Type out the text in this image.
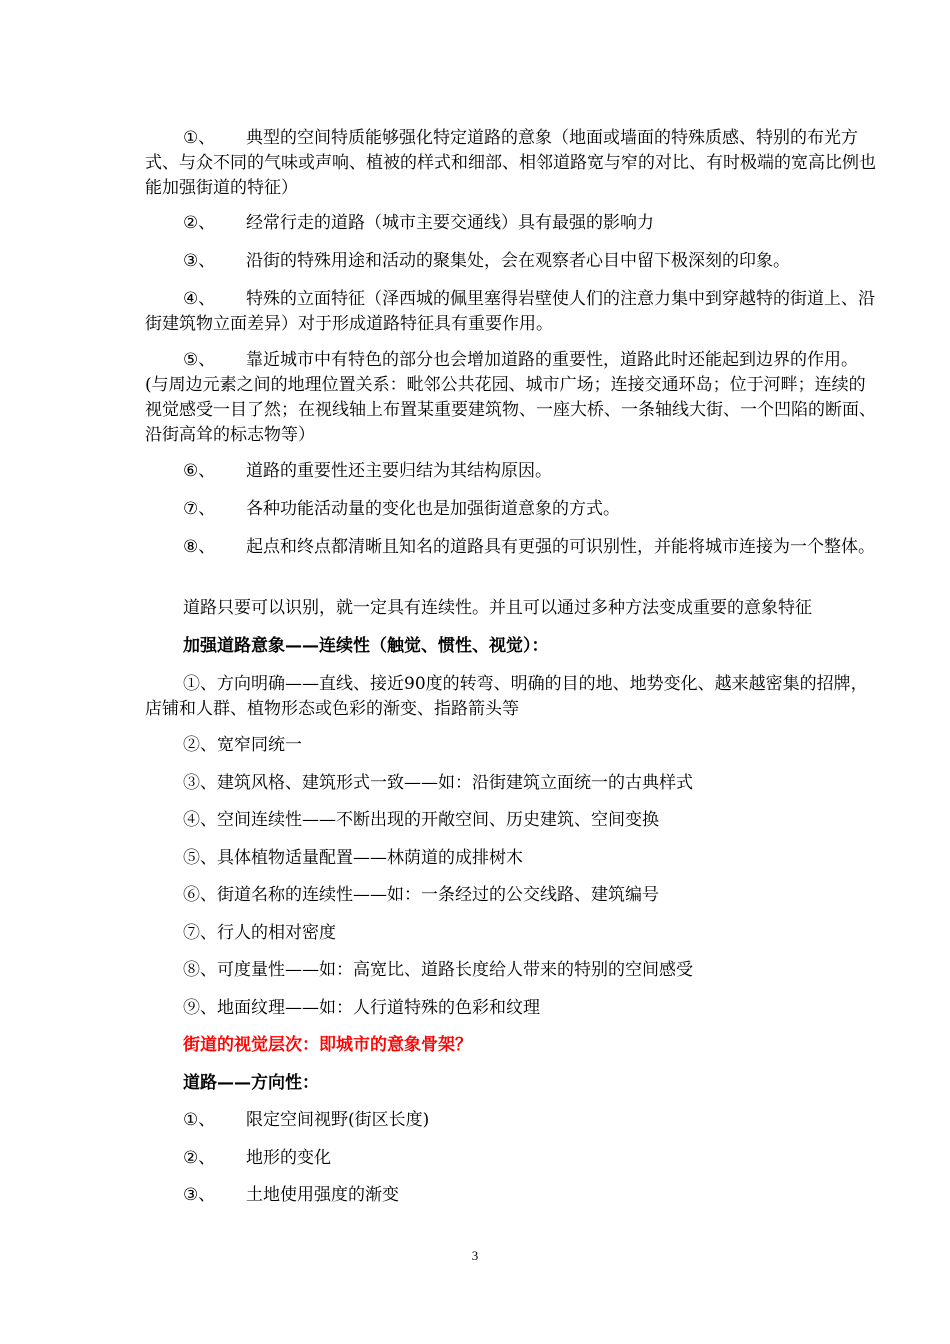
①、 典型的空间特质能够强化特定道路的意象（地面或墙面的特殊质感、特别的布光方式、与众不同的气味或声响、植被的样式和细部、相邻道路宽与窄的对比、有时极端的宽高比例也能加强街道的特征）

②、 经常行走的道路（城市主要交通线）具有最强的影响力

③、 沿街的特殊用途和活动的聚集处，会在观察者心目中留下极深刻的印象。

④、 特殊的立面特征（泽西城的佩里塞得岩壁使人们的注意力集中到穿越特的街道上、沿街建筑物立面差异）对于形成道路特征具有重要作用。

⑤、 靠近城市中有特色的部分也会增加道路的重要性，道路此时还能起到边界的作用。(与周边元素之间的地理位置关系：毗邻公共花园、城市广场；连接交通环岛；位于河畔；连续的视觉感受一目了然；在视线轴上布置某重要建筑物、一座大桥、一条轴线大街、一个凹陷的断面、沿街高耸的标志物等）

⑥、 道路的重要性还主要归结为其结构原因。

⑦、 各种功能活动量的变化也是加强街道意象的方式。

⑧、 起点和终点都清晰且知名的道路具有更强的可识别性，并能将城市连接为一个整体。

道路只要可以识别，就一定具有连续性。并且可以通过多种方法变成重要的意象特征

加强道路意象——连续性（触觉、惯性、视觉）：

①、方向明确——直线、接近90度的转弯、明确的目的地、地势变化、越来越密集的招牌，店铺和人群、植物形态或色彩的渐变、指路箭头等

②、宽窄同统一

③、建筑风格、建筑形式一致——如：沿街建筑立面统一的古典样式

④、空间连续性——不断出现的开敞空间、历史建筑、空间变换

⑤、具体植物适量配置——林荫道的成排树木

⑥、街道名称的连续性——如：一条经过的公交线路、建筑编号

⑦、行人的相对密度

⑧、可度量性——如：高宽比、道路长度给人带来的特别的空间感受

⑨、地面纹理——如：人行道特殊的色彩和纹理

街道的视觉层次：即城市的意象骨架？

道路——方向性：

①、 限定空间视野(街区长度)

②、 地形的变化

③、 土地使用强度的渐变

3
